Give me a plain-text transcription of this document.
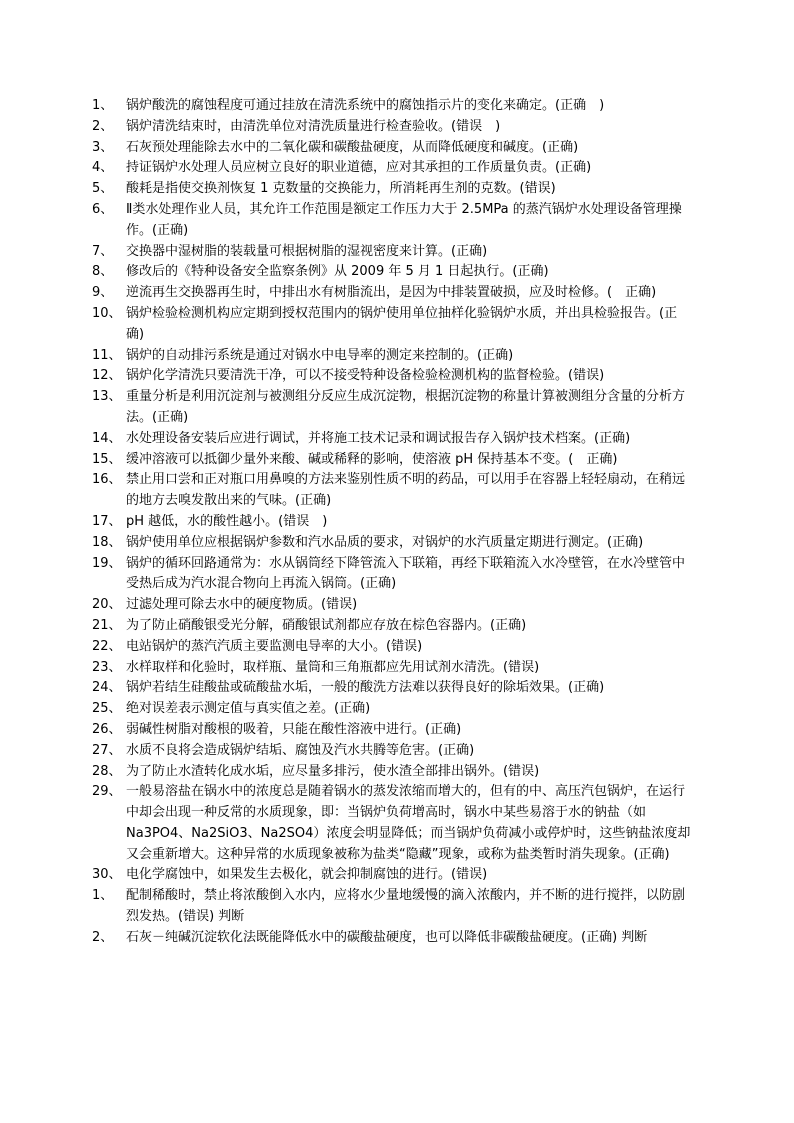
1、 锅炉酸洗的腐蚀程度可通过挂放在清洗系统中的腐蚀指示片的变化来确定。(正确　)
2、 锅炉清洗结束时，由清洗单位对清洗质量进行检查验收。(错误　)
3、 石灰预处理能除去水中的二氧化碳和碳酸盐硬度，从而降低硬度和碱度。(正确)
4、 持证锅炉水处理人员应树立良好的职业道德，应对其承担的工作质量负责。(正确)
5、 酸耗是指使交换剂恢复 1 克数量的交换能力，所消耗再生剂的克数。(错误)
6、 Ⅱ类水处理作业人员，其允许工作范围是额定工作压力大于 2.5MPa 的蒸汽锅炉水处理设备管理操作。(正确)
7、 交换器中湿树脂的装载量可根据树脂的湿视密度来计算。(正确)
8、 修改后的《特种设备安全监察条例》从 2009 年 5 月 1 日起执行。(正确)
9、 逆流再生交换器再生时，中排出水有树脂流出，是因为中排装置破损，应及时检修。(　正确)
10、 锅炉检验检测机构应定期到授权范围内的锅炉使用单位抽样化验锅炉水质，并出具检验报告。(正确)
11、 锅炉的自动排污系统是通过对锅水中电导率的测定来控制的。(正确)
12、 锅炉化学清洗只要清洗干净，可以不接受特种设备检验检测机构的监督检验。(错误)
13、 重量分析是利用沉淀剂与被测组分反应生成沉淀物，根据沉淀物的称量计算被测组分含量的分析方法。(正确)
14、 水处理设备安装后应进行调试，并将施工技术记录和调试报告存入锅炉技术档案。(正确)
15、 缓冲溶液可以抵御少量外来酸、碱或稀释的影响，使溶液 pH 保持基本不变。(　正确)
16、 禁止用口尝和正对瓶口用鼻嗅的方法来鉴别性质不明的药品，可以用手在容器上轻轻扇动，在稍远的地方去嗅发散出来的气味。(正确)
17、 pH 越低，水的酸性越小。(错误　)
18、 锅炉使用单位应根据锅炉参数和汽水品质的要求，对锅炉的水汽质量定期进行测定。(正确)
19、 锅炉的循环回路通常为：水从锅筒经下降管流入下联箱，再经下联箱流入水冷壁管，在水冷壁管中受热后成为汽水混合物向上再流入锅筒。(正确)
20、 过滤处理可除去水中的硬度物质。(错误)
21、 为了防止硝酸银受光分解，硝酸银试剂都应存放在棕色容器内。(正确)
22、 电站锅炉的蒸汽汽质主要监测电导率的大小。(错误)
23、 水样取样和化验时，取样瓶、量筒和三角瓶都应先用试剂水清洗。(错误)
24、 锅炉若结生硅酸盐或硫酸盐水垢，一般的酸洗方法难以获得良好的除垢效果。(正确)
25、 绝对误差表示测定值与真实值之差。(正确)
26、 弱碱性树脂对酸根的吸着，只能在酸性溶液中进行。(正确)
27、 水质不良将会造成锅炉结垢、腐蚀及汽水共腾等危害。(正确)
28、 为了防止水渣转化成水垢，应尽量多排污，使水渣全部排出锅外。(错误)
29、 一般易溶盐在锅水中的浓度总是随着锅水的蒸发浓缩而增大的，但有的中、高压汽包锅炉，在运行中却会出现一种反常的水质现象，即：当锅炉负荷增高时，锅水中某些易溶于水的钠盐（如 Na3PO4、Na2SiO3、Na2SO4）浓度会明显降低；而当锅炉负荷减小或停炉时，这些钠盐浓度却又会重新增大。这种异常的水质现象被称为盐类“隐藏”现象，或称为盐类暂时消失现象。(正确)
30、 电化学腐蚀中，如果发生去极化，就会抑制腐蚀的进行。(错误)
1、 配制稀酸时，禁止将浓酸倒入水内，应将水少量地缓慢的滴入浓酸内，并不断的进行搅拌，以防剧烈发热。(错误) 判断
2、 石灰－纯碱沉淀软化法既能降低水中的碳酸盐硬度，也可以降低非碳酸盐硬度。(正确) 判断
